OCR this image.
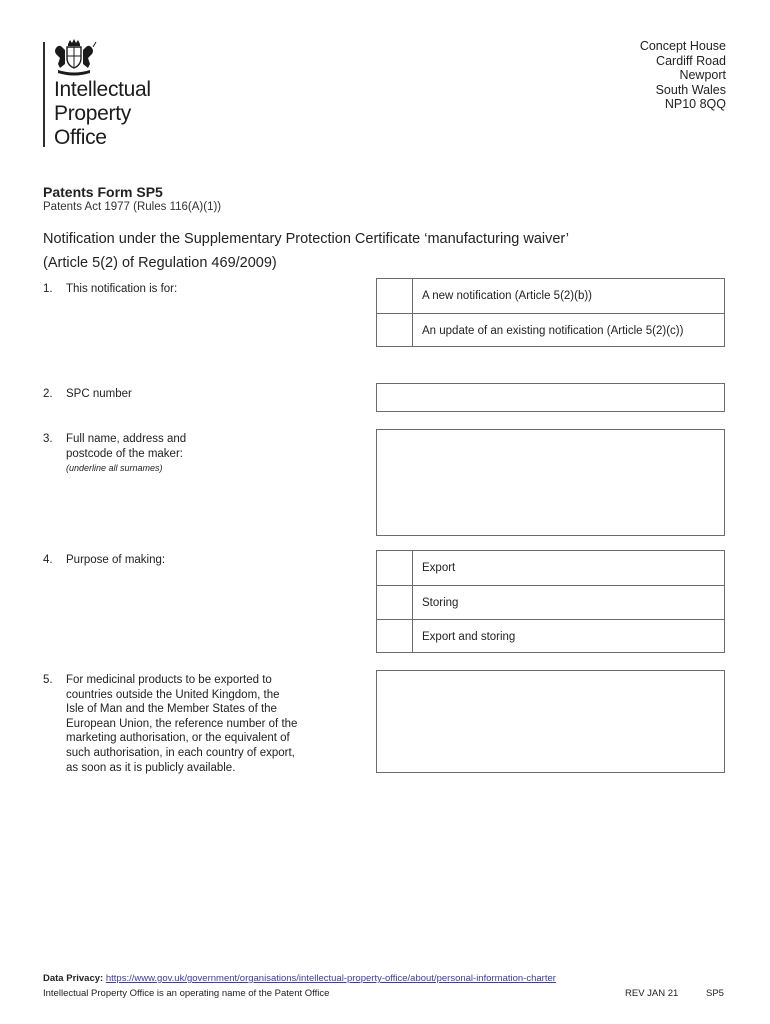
Intellectual
Property
Office
Concept House
Cardiff Road
Newport
South Wales
NP10 8QQ
Patents Form SP5
Patents Act 1977 (Rules 116(A)(1))
Notification under the Supplementary Protection Certificate ‘manufacturing waiver’
(Article 5(2) of Regulation 469/2009)
1. This notification is for:
A new notification (Article 5(2)(b))
An update of an existing notification (Article 5(2)(c))
2. SPC number
3. Full name, address and
postcode of the maker:
(underline all surnames)
4. Purpose of making:
Export
Storing
Export and storing
5. For medicinal products to be exported to
countries outside the United Kingdom, the
Isle of Man and the Member States of the
European Union, the reference number of the
marketing authorisation, or the equivalent of
such authorisation, in each country of export,
as soon as it is publicly available.
Data Privacy: https://www.gov.uk/government/organisations/intellectual-property-office/about/personal-information-charter
Intellectual Property Office is an operating name of the Patent Office	REV JAN 21	SP5
